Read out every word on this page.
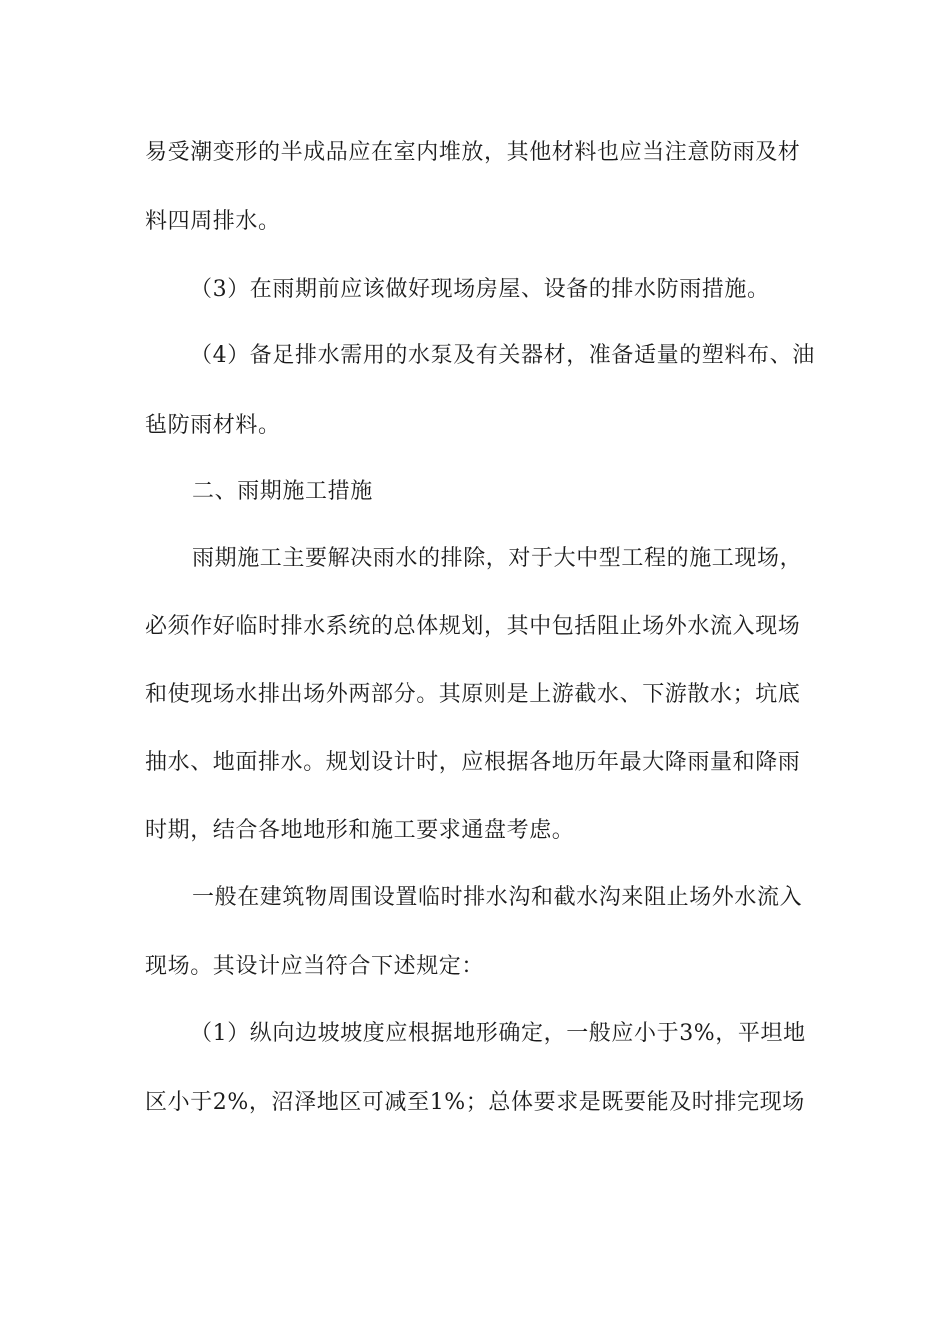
易受潮变形的半成品应在室内堆放，其他材料也应当注意防雨及材
料四周排水。
（3）在雨期前应该做好现场房屋、设备的排水防雨措施。
（4）备足排水需用的水泵及有关器材，准备适量的塑料布、油
毡防雨材料。
二、雨期施工措施
雨期施工主要解决雨水的排除，对于大中型工程的施工现场，
必须作好临时排水系统的总体规划，其中包括阻止场外水流入现场
和使现场水排出场外两部分。其原则是上游截水、下游散水；坑底
抽水、地面排水。规划设计时，应根据各地历年最大降雨量和降雨
时期，结合各地地形和施工要求通盘考虑。
一般在建筑物周围设置临时排水沟和截水沟来阻止场外水流入
现场。其设计应当符合下述规定：
（1）纵向边坡坡度应根据地形确定，一般应小于3%，平坦地
区小于2%，沼泽地区可减至1%；总体要求是既要能及时排完现场
